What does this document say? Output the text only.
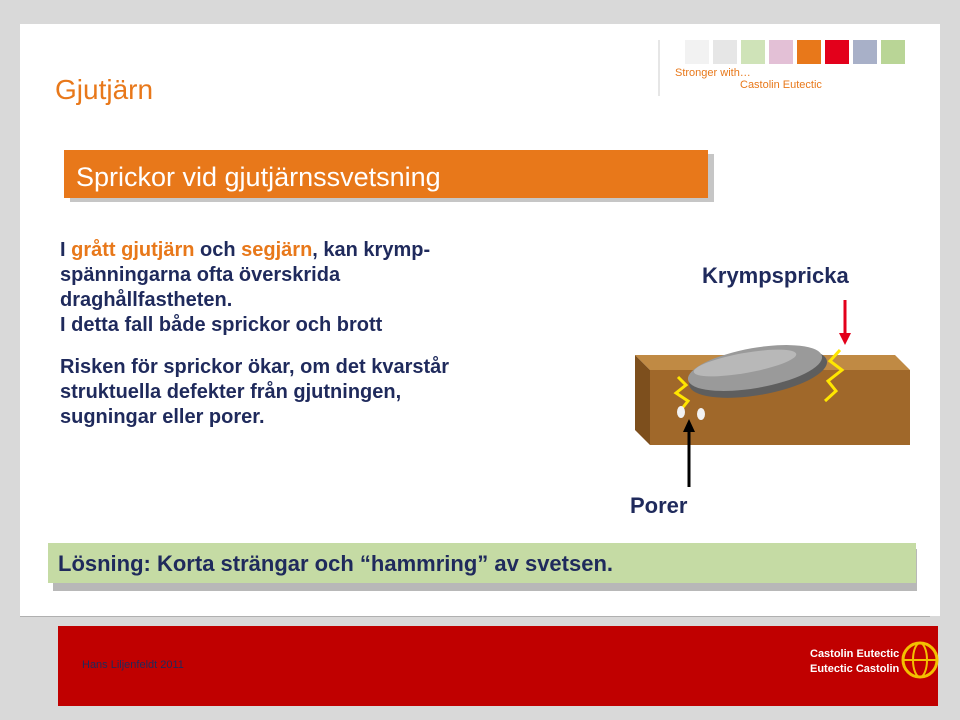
Gjutjärn
Stronger with…
Castolin Eutectic
Sprickor vid gjutjärnssvetsning
I grått gjutjärn och segjärn, kan krymp-
spänningarna ofta överskrida
draghållfastheten.
I detta fall både sprickor och brott
Risken för sprickor ökar, om det kvarstår
struktuella defekter från gjutningen,
sugningar eller porer.
Krympspricka
Porer
Lösning: Korta strängar och “hammring” av svetsen.
Hans Liljenfeldt 2011
Castolin Eutectic
Eutectic Castolin
